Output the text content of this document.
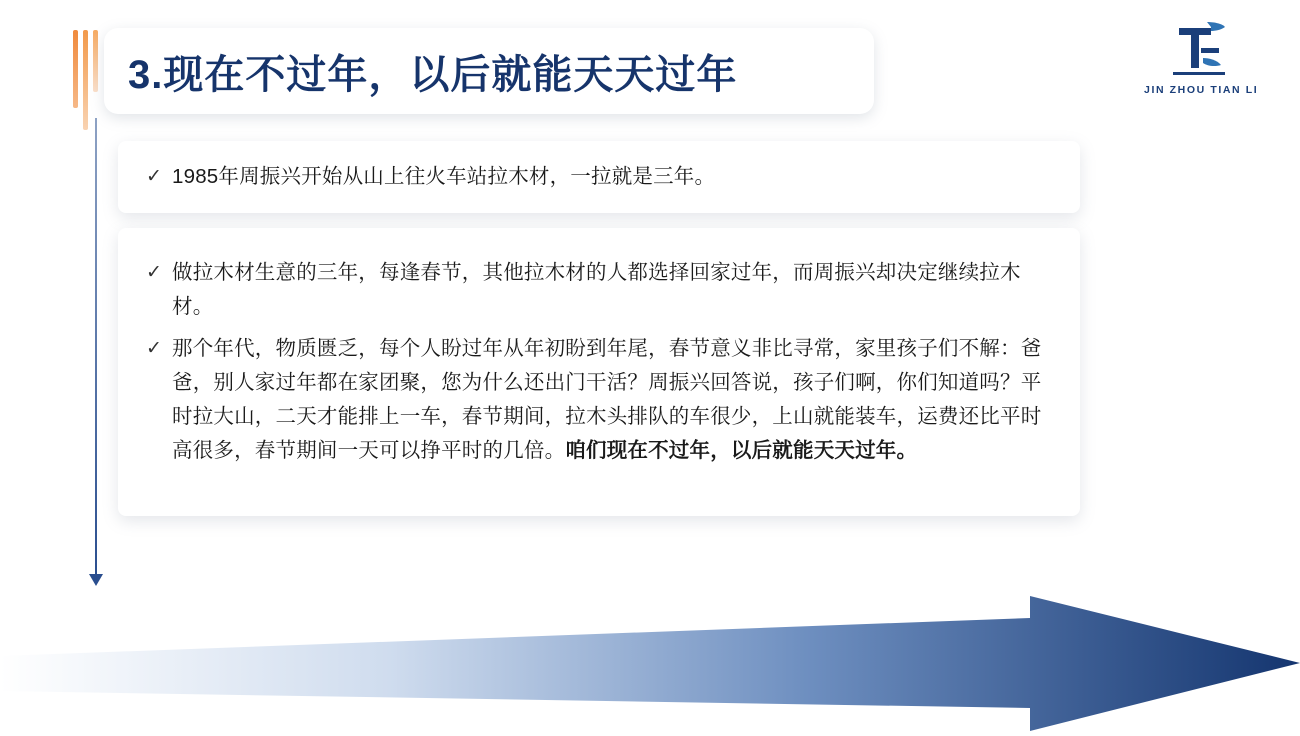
JIN ZHOU TIAN LI
3.现在不过年，以后就能天天过年
✓ 1985年周振兴开始从山上往火车站拉木材，一拉就是三年。
✓ 做拉木材生意的三年，每逢春节，其他拉木材的人都选择回家过年，而周振兴却决定继续拉木材。
✓ 那个年代，物质匮乏，每个人盼过年从年初盼到年尾，春节意义非比寻常，家里孩子们不解：爸爸，别人家过年都在家团聚，您为什么还出门干活？周振兴回答说，孩子们啊，你们知道吗？平时拉大山，二天才能排上一车，春节期间，拉木头排队的车很少，上山就能装车，运费还比平时高很多，春节期间一天可以挣平时的几倍。咱们现在不过年，以后就能天天过年。
